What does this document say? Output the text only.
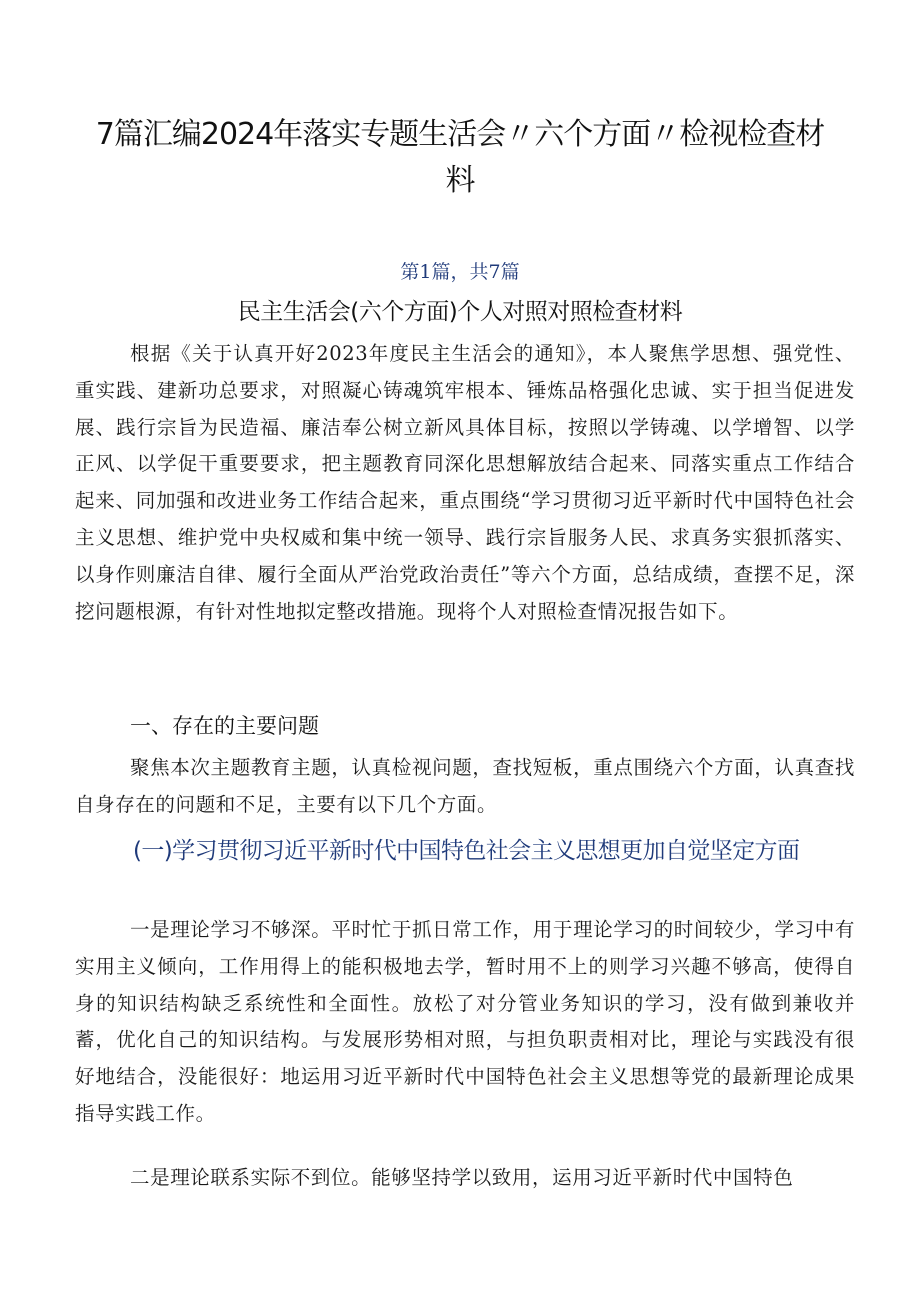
7篇汇编2024年落实专题生活会〃六个方面〃检视检查材料
第1篇，共7篇
民主生活会(六个方面)个人对照对照检查材料

根据《关于认真开好2023年度民主生活会的通知》，本人聚焦学思想、强党性、重实践、建新功总要求，对照凝心铸魂筑牢根本、锤炼品格强化忠诚、实于担当促进发展、践行宗旨为民造福、廉洁奉公树立新风具体目标，按照以学铸魂、以学增智、以学正风、以学促干重要要求，把主题教育同深化思想解放结合起来、同落实重点工作结合起来、同加强和改进业务工作结合起来，重点围绕“学习贯彻习近平新时代中国特色社会主义思想、维护党中央权威和集中统一领导、践行宗旨服务人民、求真务实狠抓落实、以身作则廉洁自律、履行全面从严治党政治责任”等六个方面，总结成绩，查摆不足，深挖问题根源，有针对性地拟定整改措施。现将个人对照检查情况报告如下。

一、存在的主要问题

聚焦本次主题教育主题，认真检视问题，查找短板，重点围绕六个方面，认真查找自身存在的问题和不足，主要有以下几个方面。

(一)学习贯彻习近平新时代中国特色社会主义思想更加自觉坚定方面

一是理论学习不够深。平时忙于抓日常工作，用于理论学习的时间较少，学习中有实用主义倾向，工作用得上的能积极地去学，暂时用不上的则学习兴趣不够高，使得自身的知识结构缺乏系统性和全面性。放松了对分管业务知识的学习，没有做到兼收并蓄，优化自己的知识结构。与发展形势相对照，与担负职责相对比，理论与实践没有很好地结合，没能很好：地运用习近平新时代中国特色社会主义思想等党的最新理论成果指导实践工作。

二是理论联系实际不到位。能够坚持学以致用，运用习近平新时代中国特色
